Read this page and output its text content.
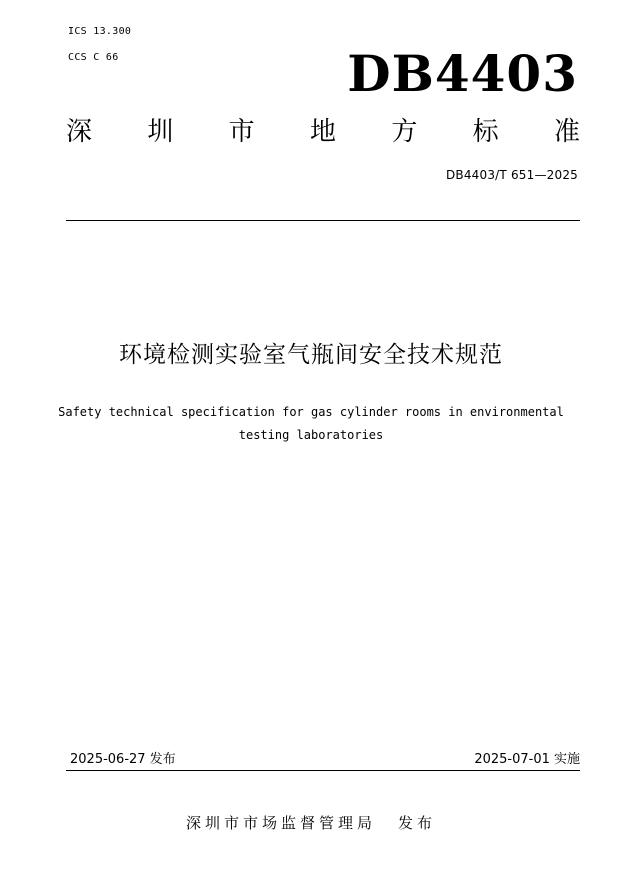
ICS 13.300
CCS C 66	DB4403
深 圳 市 地 方 标 准
DB4403/T 651—2025
环境检测实验室气瓶间安全技术规范
Safety technical specification for gas cylinder rooms in environmental
testing laboratories
2025-06-27 发布	2025-07-01 实施
深圳市市场监督管理局 发布
